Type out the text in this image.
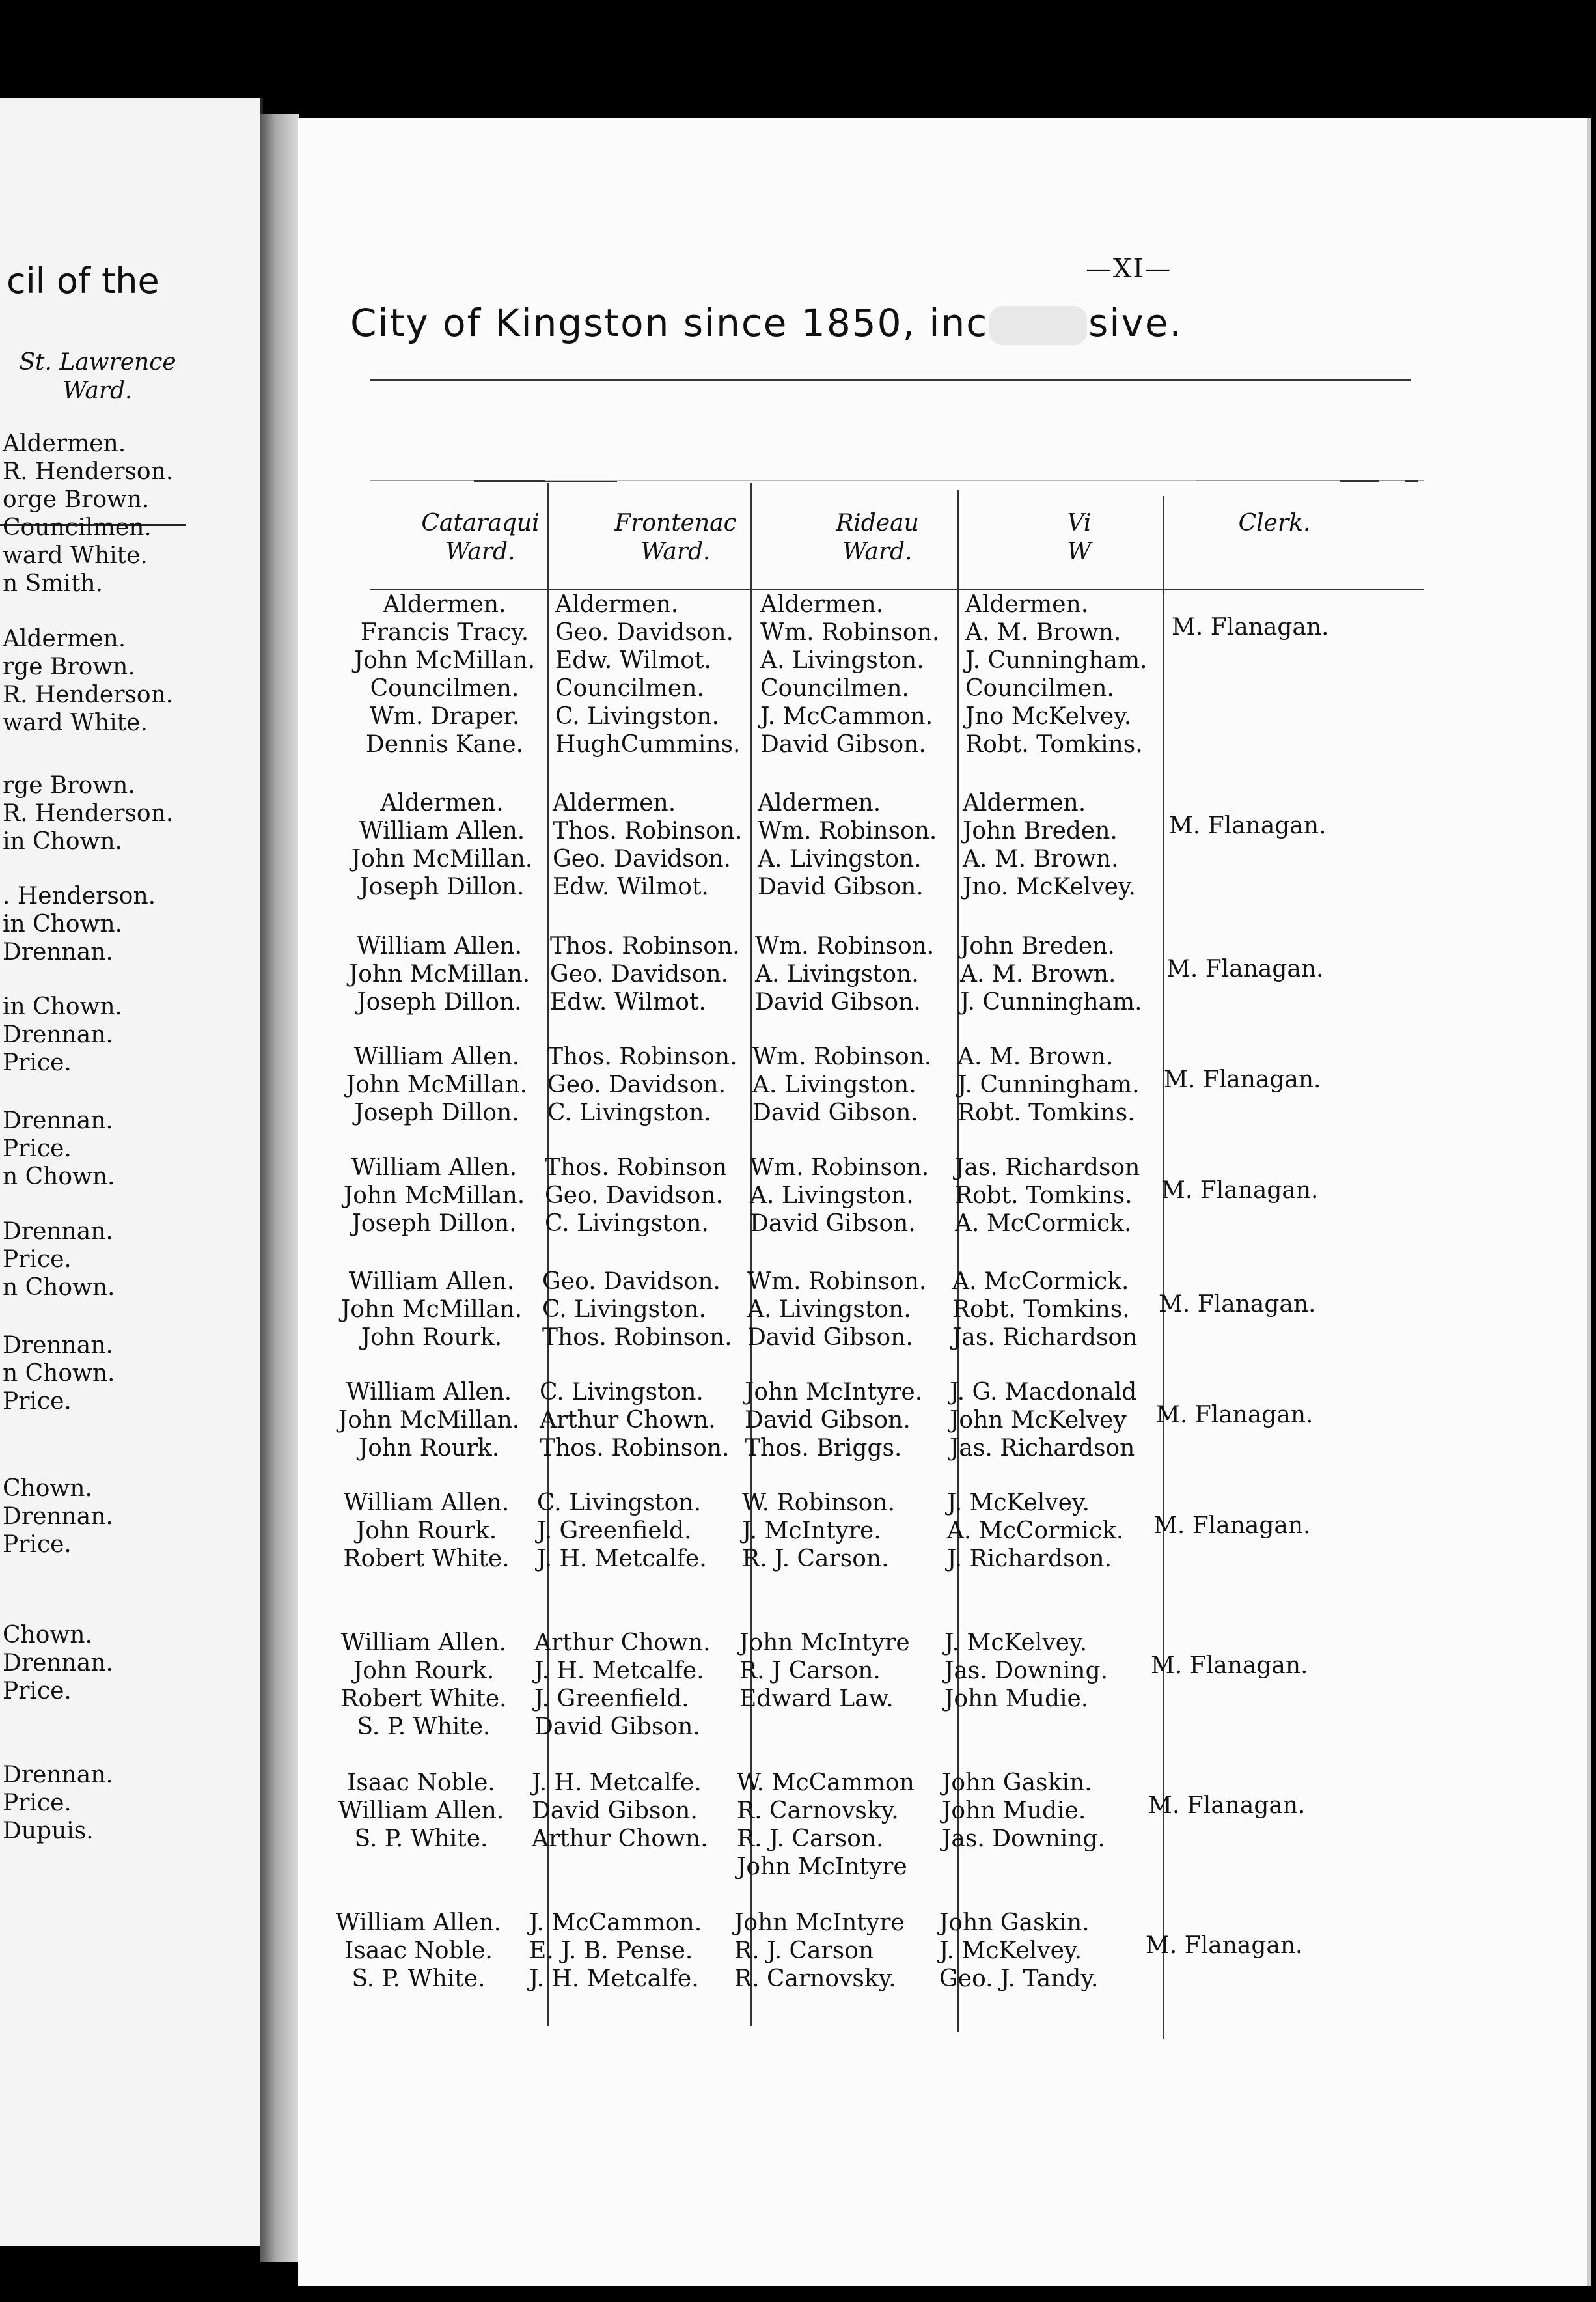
cil of the
St. Lawrence
Ward.
Aldermen.
R. Henderson.
orge Brown.
Councilmen.
ward White.
n Smith.
Aldermen.
rge Brown.
R. Henderson.
ward White.
rge Brown.
R. Henderson.
in Chown.
. Henderson.
in Chown.
Drennan.
in Chown.
Drennan.
Price.
Drennan.
Price.
n Chown.
Drennan.
Price.
n Chown.
Drennan.
n Chown.
Price.
Chown.
Drennan.
Price.
Chown.
Drennan.
Price.
Drennan.
Price.
Dupuis.
—XI—
City of Kingston since 1850, inc	sive.
Cataraqui
Ward.
Frontenac
Ward.
Rideau
Ward.
Vi
W
Clerk.
Aldermen.
Francis Tracy.
John McMillan.
Councilmen.
Wm. Draper.
Dennis Kane.
Aldermen.
Geo. Davidson.
Edw. Wilmot.
Councilmen.
C. Livingston.
HughCummins.
Aldermen.
Wm. Robinson.
A. Livingston.
Councilmen.
J. McCammon.
David Gibson.
Aldermen.
A. M. Brown.
J. Cunningham.
Councilmen.
Jno McKelvey.
Robt. Tomkins.
M. Flanagan.
Aldermen.
William Allen.
John McMillan.
Joseph Dillon.
Aldermen.
Thos. Robinson.
Geo. Davidson.
Edw. Wilmot.
Aldermen.
Wm. Robinson.
A. Livingston.
David Gibson.
Aldermen.
John Breden.
A. M. Brown.
Jno. McKelvey.
M. Flanagan.
William Allen.
John McMillan.
Joseph Dillon.
Thos. Robinson.
Geo. Davidson.
Edw. Wilmot.
Wm. Robinson.
A. Livingston.
David Gibson.
John Breden.
A. M. Brown.
J. Cunningham.
M. Flanagan.
William Allen.
John McMillan.
Joseph Dillon.
Thos. Robinson.
Geo. Davidson.
C. Livingston.
Wm. Robinson.
A. Livingston.
David Gibson.
A. M. Brown.
J. Cunningham.
Robt. Tomkins.
M. Flanagan.
William Allen.
John McMillan.
Joseph Dillon.
Thos. Robinson
Geo. Davidson.
C. Livingston.
Wm. Robinson.
A. Livingston.
David Gibson.
Jas. Richardson
Robt. Tomkins.
A. McCormick.
M. Flanagan.
William Allen.
John McMillan.
John Rourk.
Geo. Davidson.
C. Livingston.
Thos. Robinson.
Wm. Robinson.
A. Livingston.
David Gibson.
A. McCormick.
Robt. Tomkins.
Jas. Richardson
M. Flanagan.
William Allen.
John McMillan.
John Rourk.
C. Livingston.
Arthur Chown.
Thos. Robinson.
John McIntyre.
David Gibson.
Thos. Briggs.
J. G. Macdonald
John McKelvey
Jas. Richardson
M. Flanagan.
William Allen.
John Rourk.
Robert White.
C. Livingston.
J. Greenfield.
J. H. Metcalfe.
W. Robinson.
J. McIntyre.
R. J. Carson.
J. McKelvey.
A. McCormick.
J. Richardson.
M. Flanagan.
William Allen.
John Rourk.
Robert White.
S. P. White.
Arthur Chown.
J. H. Metcalfe.
J. Greenfield.
David Gibson.
John McIntyre
R. J Carson.
Edward Law.
J. McKelvey.
Jas. Downing.
John Mudie.
M. Flanagan.
Isaac Noble.
William Allen.
S. P. White.
J. H. Metcalfe.
David Gibson.
Arthur Chown.
W. McCammon
R. Carnovsky.
R. J. Carson.
John McIntyre
John Gaskin.
John Mudie.
Jas. Downing.
M. Flanagan.
William Allen.
Isaac Noble.
S. P. White.
J. McCammon.
E. J. B. Pense.
J. H. Metcalfe.
John McIntyre
R. J. Carson
R. Carnovsky.
John Gaskin.
J. McKelvey.
Geo. J. Tandy.
M. Flanagan.
